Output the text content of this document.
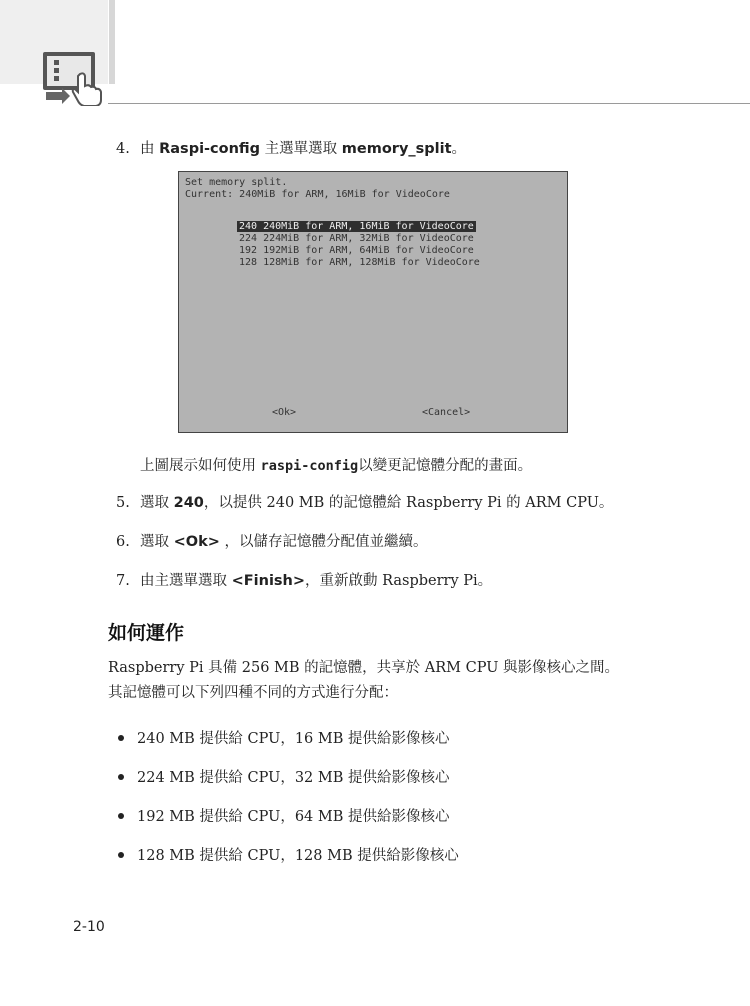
4. 由 Raspi-config 主選單選取 memory_split。
Set memory split.
Current: 240MiB for ARM, 16MiB for VideoCore
240 240MiB for ARM, 16MiB for VideoCore
224 224MiB for ARM, 32MiB for VideoCore
192 192MiB for ARM, 64MiB for VideoCore
128 128MiB for ARM, 128MiB for VideoCore
<Ok>	<Cancel>
上圖展示如何使用 raspi-config以變更記憶體分配的畫面。
5. 選取 240，以提供 240 MB 的記憶體給 Raspberry Pi 的 ARM CPU。
6. 選取 <Ok> ，以儲存記憶體分配值並繼續。
7. 由主選單選取 <Finish>，重新啟動 Raspberry Pi。
如何運作
Raspberry Pi 具備 256 MB 的記憶體，共享於 ARM CPU 與影像核心之間。
其記憶體可以下列四種不同的方式進行分配：
240 MB 提供給 CPU，16 MB 提供給影像核心
224 MB 提供給 CPU，32 MB 提供給影像核心
192 MB 提供給 CPU，64 MB 提供給影像核心
128 MB 提供給 CPU，128 MB 提供給影像核心
2-10
